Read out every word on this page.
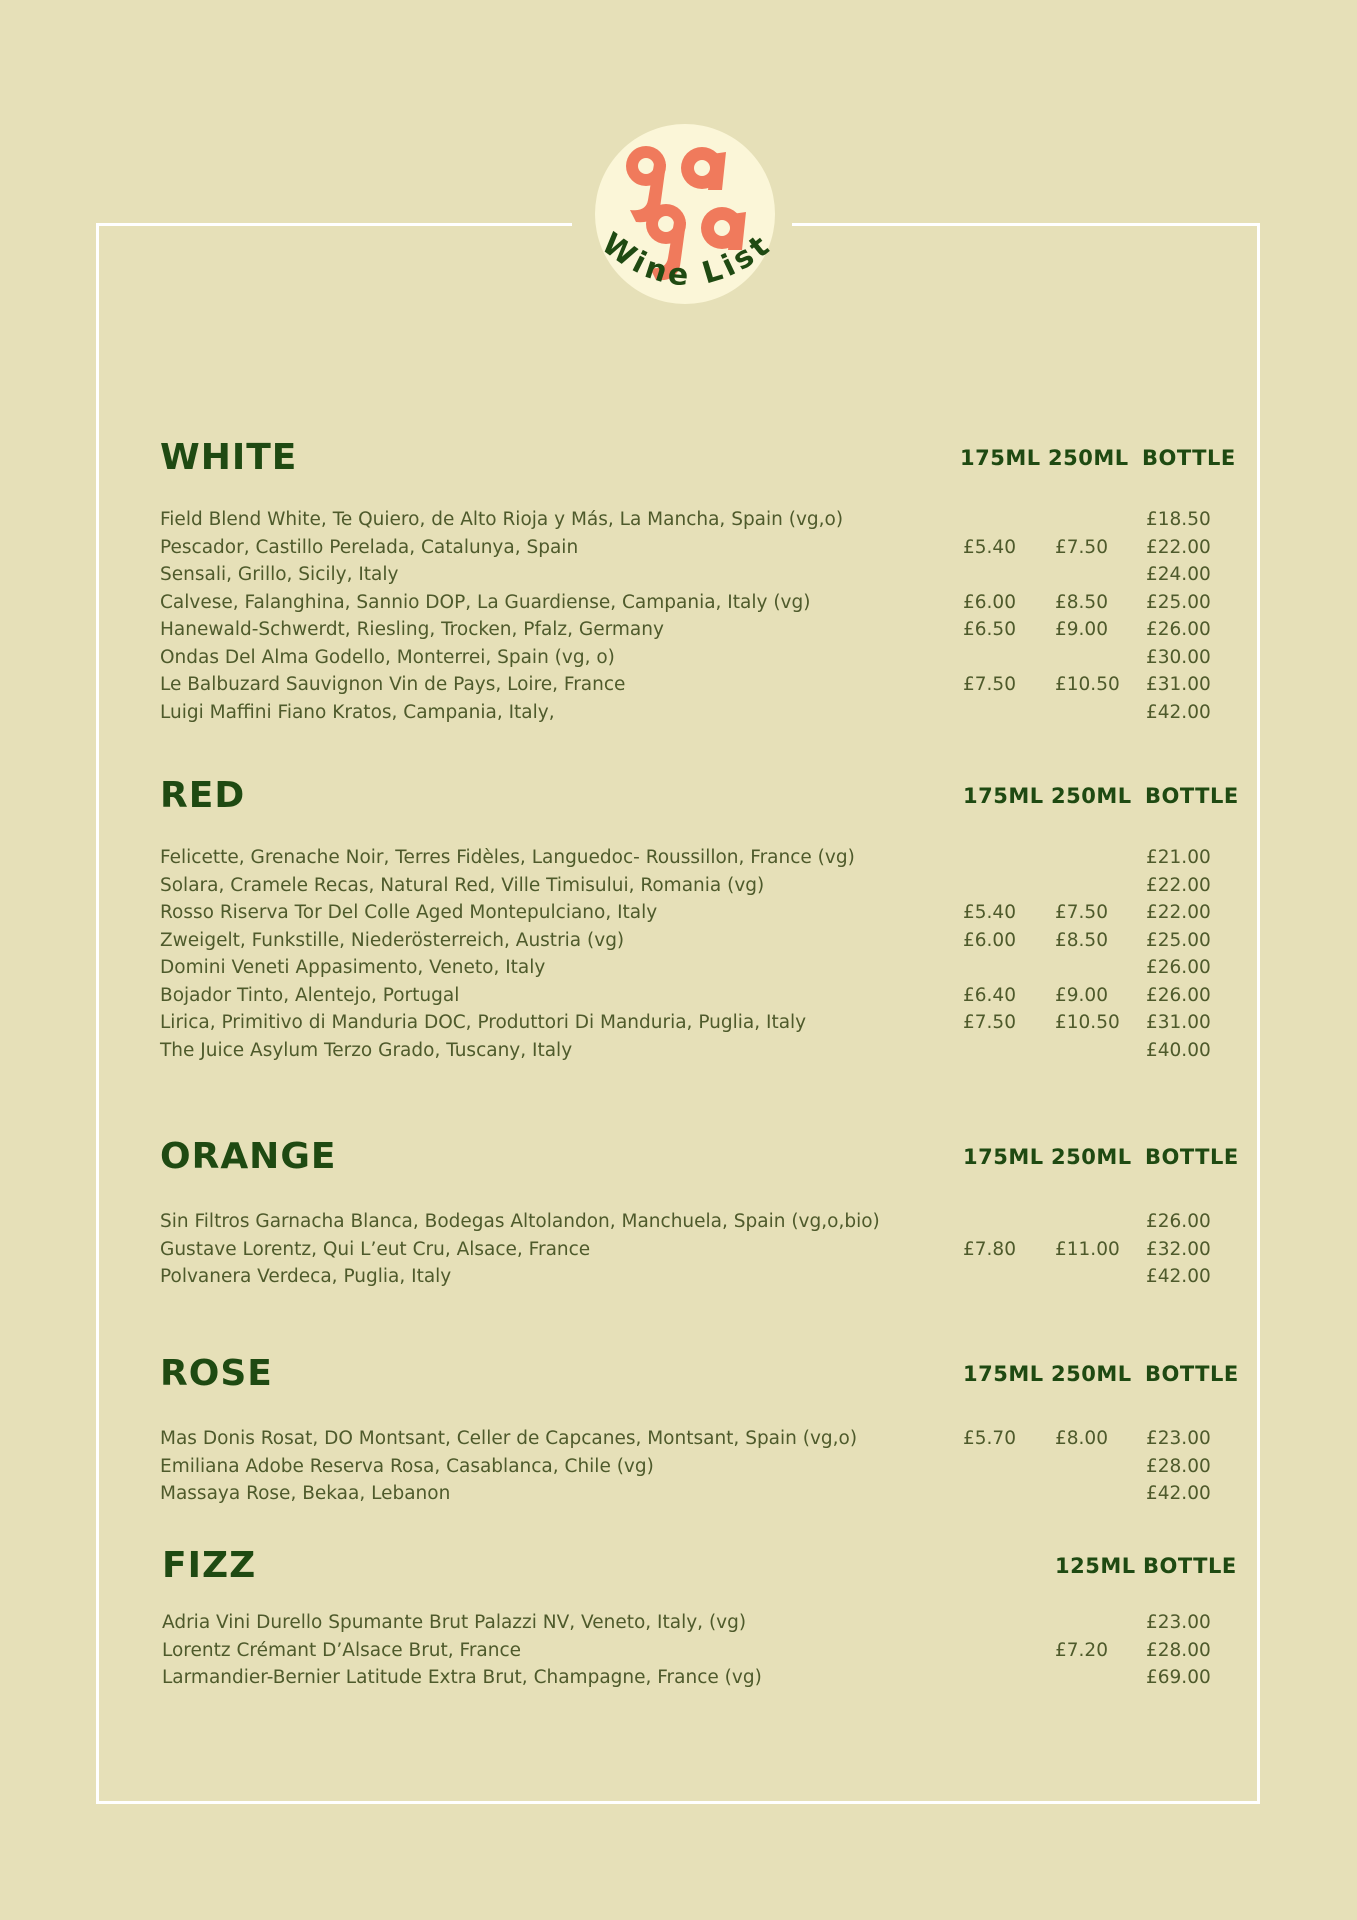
Wine List
WHITE	175ML 250ML BOTTLE
Field Blend White, Te Quiero, de Alto Rioja y Más, La Mancha, Spain (vg,o)	£18.50
Pescador, Castillo Perelada, Catalunya, Spain	£5.40 £7.50 £22.00
Sensali, Grillo, Sicily, Italy	£24.00
Calvese, Falanghina, Sannio DOP, La Guardiense, Campania, Italy (vg)	£6.00 £8.50 £25.00
Hanewald-Schwerdt, Riesling, Trocken, Pfalz, Germany	£6.50 £9.00 £26.00
Ondas Del Alma Godello, Monterrei, Spain (vg, o)	£30.00
Le Balbuzard Sauvignon Vin de Pays, Loire, France	£7.50 £10.50 £31.00
Luigi Maffini Fiano Kratos, Campania, Italy,	£42.00
RED	175ML 250ML BOTTLE
Felicette, Grenache Noir, Terres Fidèles, Languedoc- Roussillon, France (vg)	£21.00
Solara, Cramele Recas, Natural Red, Ville Timisului, Romania (vg)	£22.00
Rosso Riserva Tor Del Colle Aged Montepulciano, Italy	£5.40 £7.50 £22.00
Zweigelt, Funkstille, Niederösterreich, Austria (vg)	£6.00 £8.50 £25.00
Domini Veneti Appasimento, Veneto, Italy	£26.00
Bojador Tinto, Alentejo, Portugal	£6.40 £9.00 £26.00
Lirica, Primitivo di Manduria DOC, Produttori Di Manduria, Puglia, Italy	£7.50 £10.50 £31.00
The Juice Asylum Terzo Grado, Tuscany, Italy	£40.00
ORANGE	175ML 250ML BOTTLE
Sin Filtros Garnacha Blanca, Bodegas Altolandon, Manchuela, Spain (vg,o,bio)	£26.00
Gustave Lorentz, Qui L’eut Cru, Alsace, France	£7.80 £11.00 £32.00
Polvanera Verdeca, Puglia, Italy	£42.00
ROSE	175ML 250ML BOTTLE
Mas Donis Rosat, DO Montsant, Celler de Capcanes, Montsant, Spain (vg,o)	£5.70 £8.00 £23.00
Emiliana Adobe Reserva Rosa, Casablanca, Chile (vg)	£28.00
Massaya Rose, Bekaa, Lebanon	£42.00
FIZZ	125ML BOTTLE
Adria Vini Durello Spumante Brut Palazzi NV, Veneto, Italy, (vg)	£23.00
Lorentz Crémant D’Alsace Brut, France	£7.20 £28.00
Larmandier-Bernier Latitude Extra Brut, Champagne, France (vg)	£69.00
